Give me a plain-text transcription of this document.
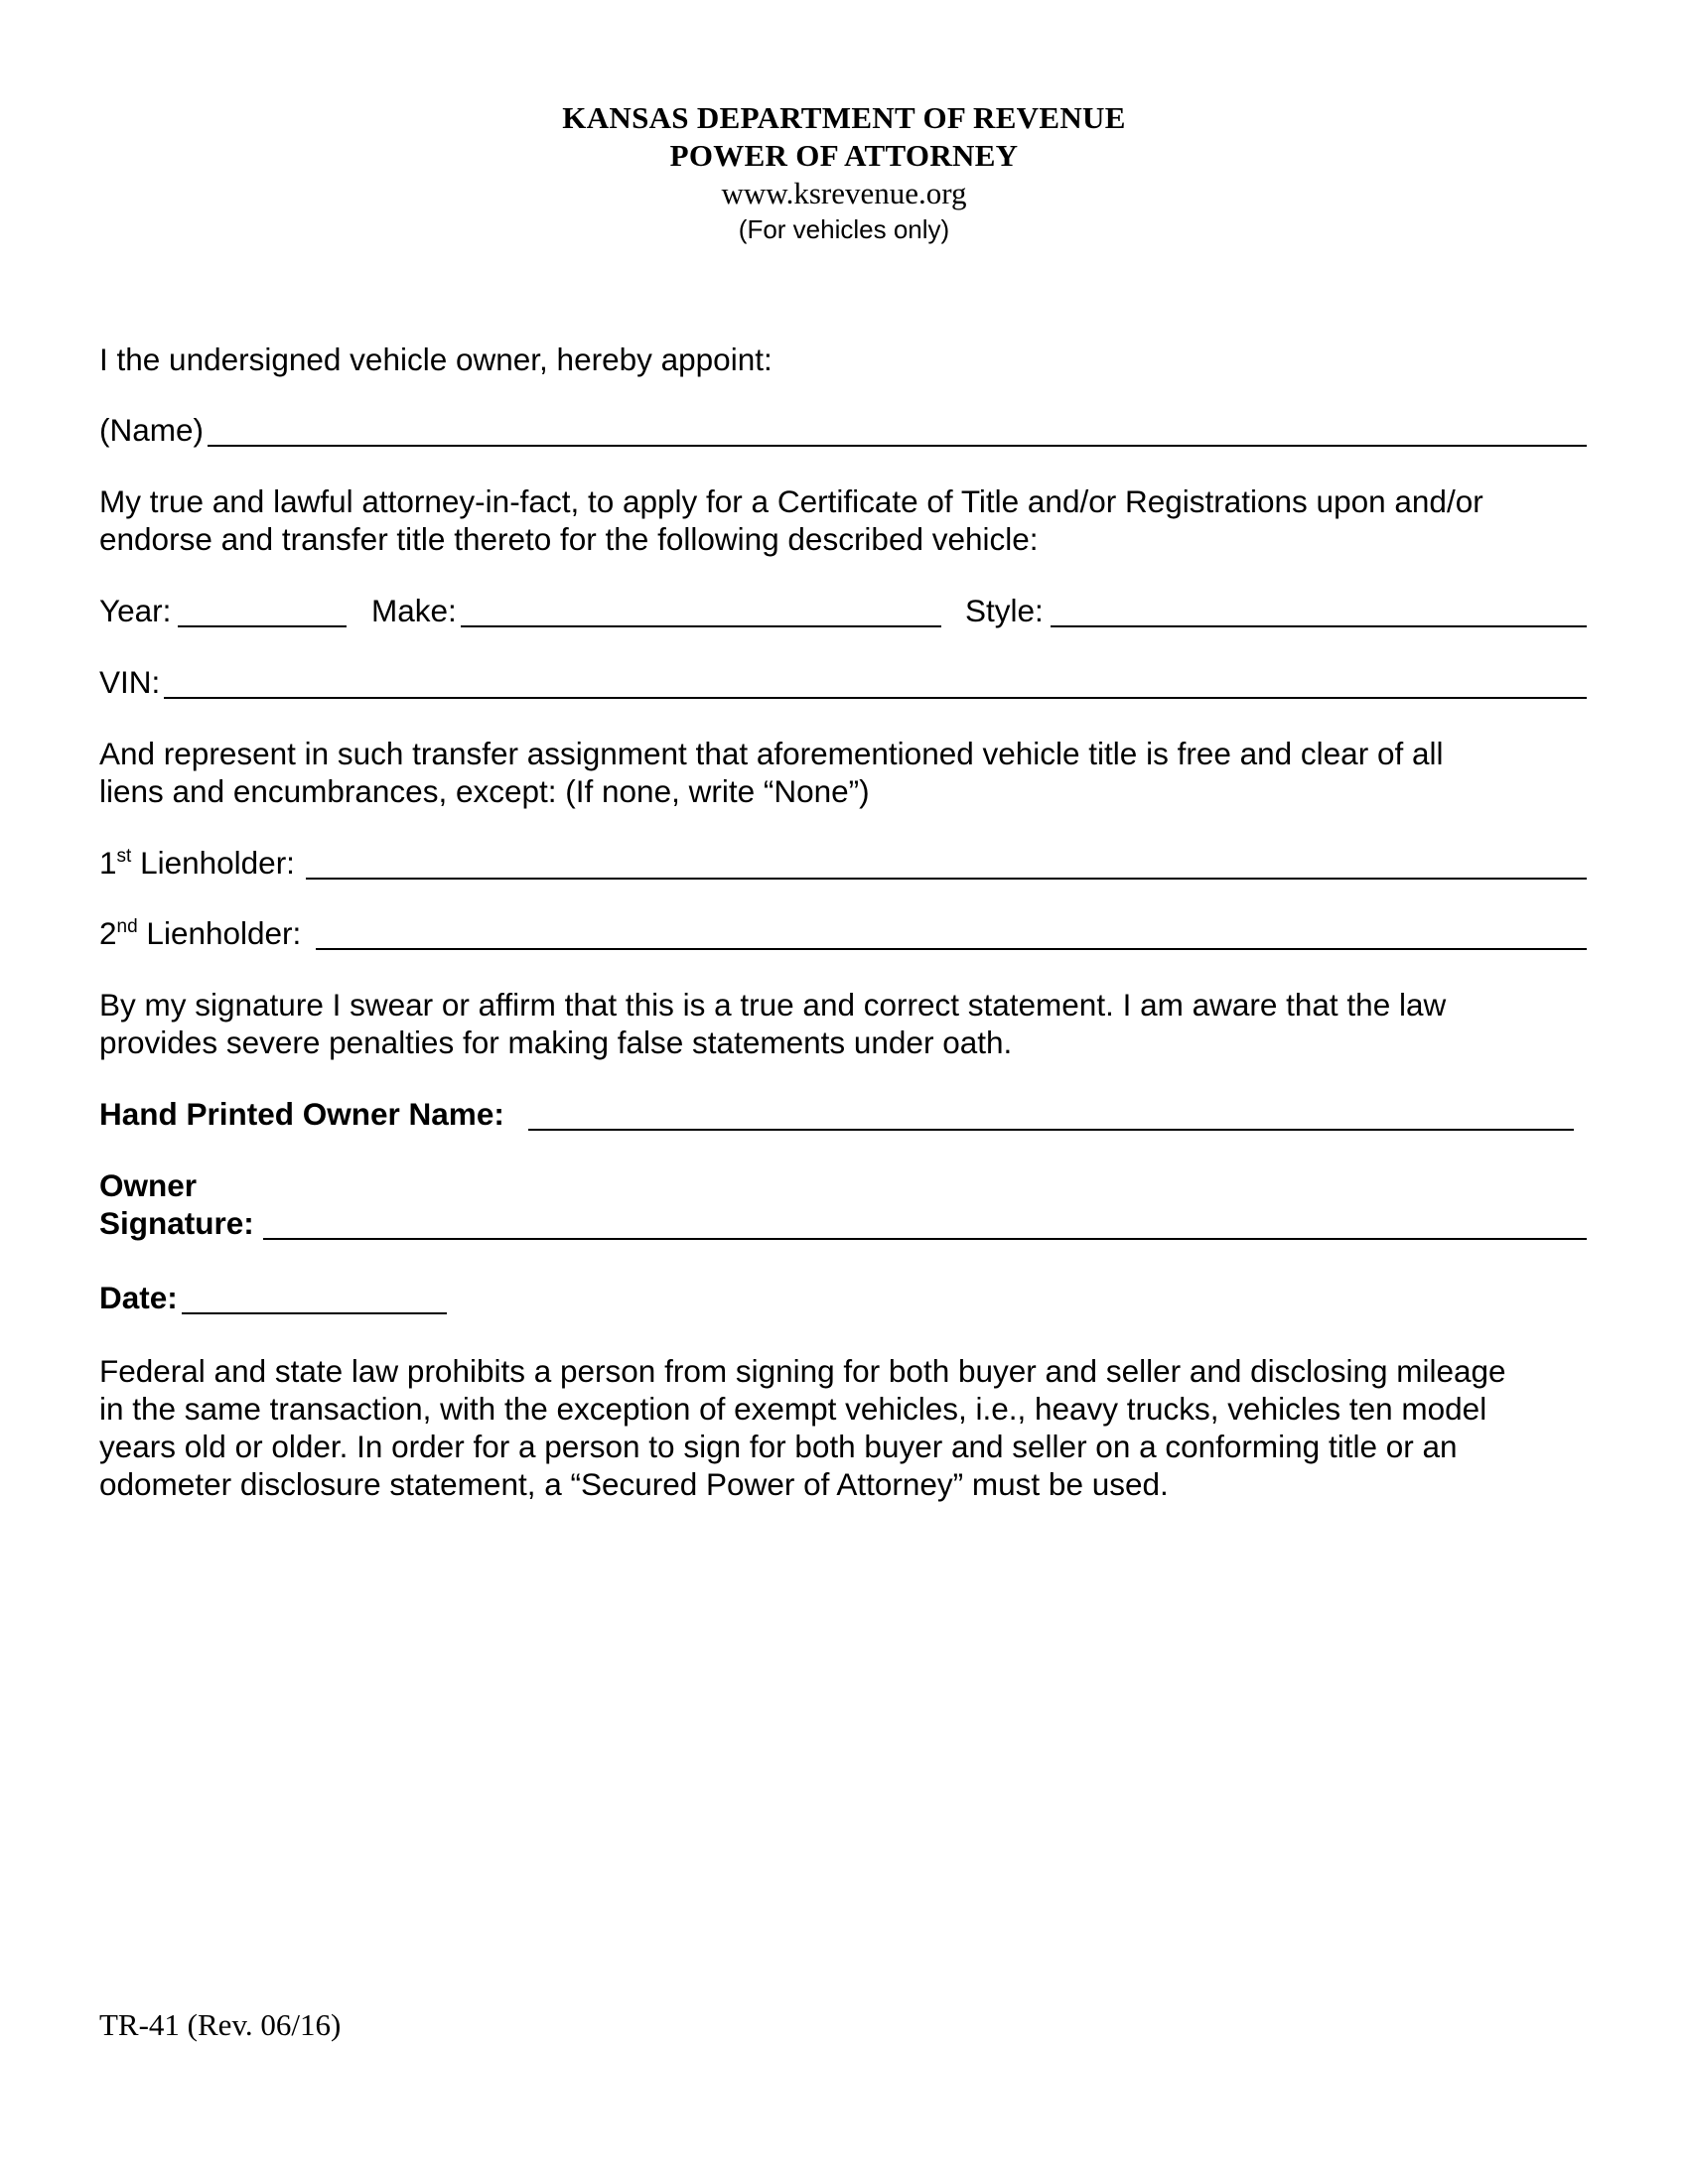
KANSAS DEPARTMENT OF REVENUE
POWER OF ATTORNEY
www.ksrevenue.org
(For vehicles only)
I the undersigned vehicle owner, hereby appoint:
(Name)
My true and lawful attorney-in-fact, to apply for a Certificate of Title and/or Registrations upon and/or
endorse and transfer title thereto for the following described vehicle:
Year:	Make:	Style:
VIN:
And represent in such transfer assignment that aforementioned vehicle title is free and clear of all
liens and encumbrances, except: (If none, write “None”)
1st Lienholder:
2nd Lienholder:
By my signature I swear or affirm that this is a true and correct statement. I am aware that the law
provides severe penalties for making false statements under oath.
Hand Printed Owner Name:
Owner
Signature:
Date:
Federal and state law prohibits a person from signing for both buyer and seller and disclosing mileage
in the same transaction, with the exception of exempt vehicles, i.e., heavy trucks, vehicles ten model
years old or older. In order for a person to sign for both buyer and seller on a conforming title or an
odometer disclosure statement, a “Secured Power of Attorney” must be used.
TR-41 (Rev. 06/16)
